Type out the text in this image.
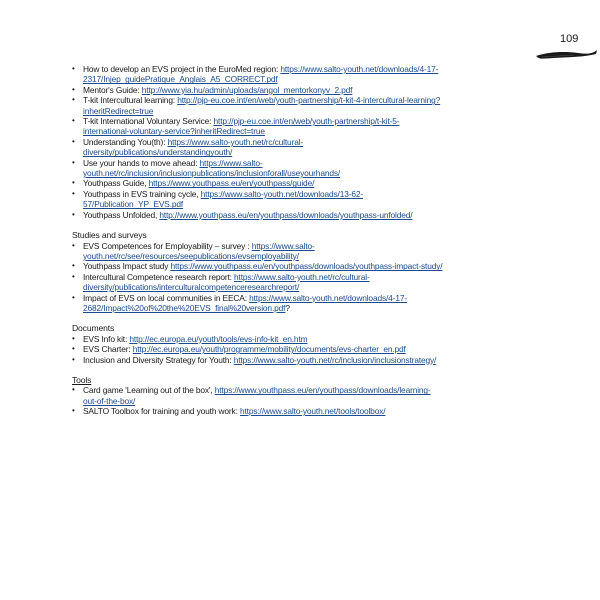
109
• How to develop an EVS project in the EuroMed region: https://www.salto-youth.net/downloads/4-17-2317/Injep_guidePratique_Anglais_A5_CORRECT.pdf
• Mentor's Guide: http://www.yia.hu/admin/uploads/angol_mentorkonyv_2.pdf
• T-kit Intercultural learning: http://pjp-eu.coe.int/en/web/youth-partnership/t-kit-4-intercultural-learning?inheritRedirect=true
• T-kit International Voluntary Service: http://pjp-eu.coe.int/en/web/youth-partnership/t-kit-5-international-voluntary-service?inheritRedirect=true
• Understanding You(th): https://www.salto-youth.net/rc/cultural-diversity/publications/understandingyouth/
• Use your hands to move ahead: https://www.salto-youth.net/rc/inclusion/inclusionpublications/inclusionforall/useyourhands/
• Youthpass Guide, https://www.youthpass.eu/en/youthpass/guide/
• Youthpass in EVS training cycle, https://www.salto-youth.net/downloads/13-62-57/Publication_YP_EVS.pdf
• Youthpass Unfolded, http://www.youthpass.eu/en/youthpass/downloads/youthpass-unfolded/
Studies and surveys
• EVS Competences for Employability – survey : https://www.salto-youth.net/rc/see/resources/seepublications/evsemployability/
• Youthpass Impact study https://www.youthpass.eu/en/youthpass/downloads/youthpass-impact-study/
• Intercultural Competence research report: https://www.salto-youth.net/rc/cultural-diversity/publications/interculturalcompetenceresearchreport/
• Impact of EVS on local communities in EECA: https://www.salto-youth.net/downloads/4-17-2682/Impact%20of%20the%20EVS_final%20version.pdf?
Documents
• EVS Info kit: http://ec.europa.eu/youth/tools/evs-info-kit_en.htm
• EVS Charter: http://ec.europa.eu/youth/programme/mobility/documents/evs-charter_en.pdf
• Inclusion and Diversity Strategy for Youth: https://www.salto-youth.net/rc/inclusion/inclusionstrategy/
Tools
• Card game 'Learning out of the box', https://www.youthpass.eu/en/youthpass/downloads/learning-out-of-the-box/
• SALTO Toolbox for training and youth work: https://www.salto-youth.net/tools/toolbox/
